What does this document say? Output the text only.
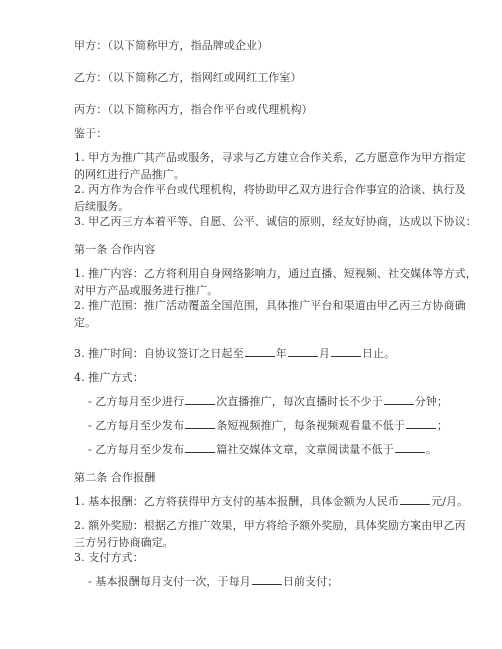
甲方：（以下简称甲方，指品牌或企业）
乙方：（以下简称乙方，指网红或网红工作室）
丙方：（以下简称丙方，指合作平台或代理机构）
鉴于：
1. 甲方为推广其产品或服务，寻求与乙方建立合作关系，乙方愿意作为甲方指定
的网红进行产品推广。
2. 丙方作为合作平台或代理机构，将协助甲乙双方进行合作事宜的洽谈、执行及
后续服务。
3. 甲乙丙三方本着平等、自愿、公平、诚信的原则，经友好协商，达成以下协议：
第一条 合作内容
1. 推广内容：乙方将利用自身网络影响力，通过直播、短视频、社交媒体等方式，
对甲方产品或服务进行推广。
2. 推广范围：推广活动覆盖全国范围，具体推广平台和渠道由甲乙丙三方协商确
定。
3. 推广时间：自协议签订之日起至	年	月	日止。
4. 推广方式：
- 乙方每月至少进行	次直播推广，每次直播时长不少于	分钟；
- 乙方每月至少发布	条短视频推广，每条视频观看量不低于	；
- 乙方每月至少发布	篇社交媒体文章，文章阅读量不低于	。
第二条 合作报酬
1. 基本报酬：乙方将获得甲方支付的基本报酬，具体金额为人民币	元/月。
2. 额外奖励：根据乙方推广效果，甲方将给予额外奖励，具体奖励方案由甲乙丙
三方另行协商确定。
3. 支付方式：
- 基本报酬每月支付一次，于每月	日前支付；
